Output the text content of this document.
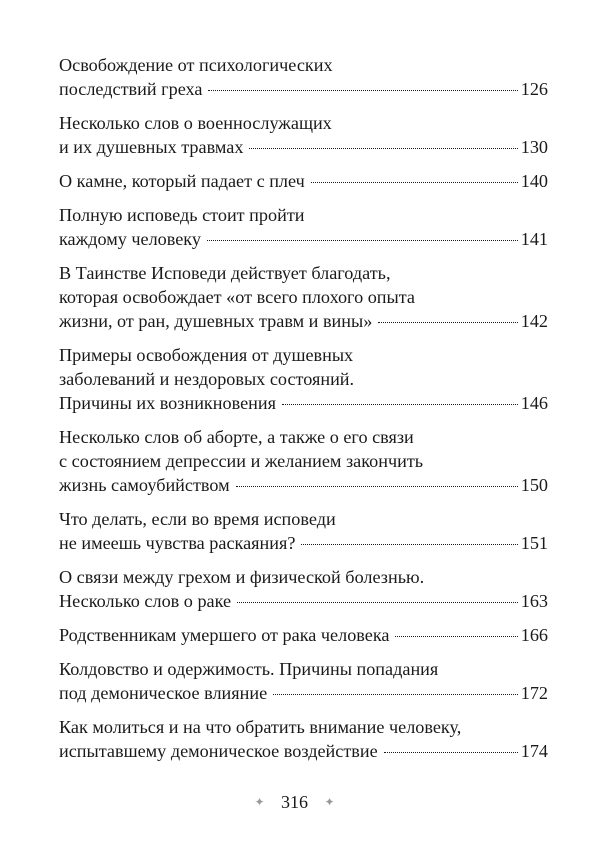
Освобождение от психологических
последствий греха	126
Несколько слов о военнослужащих
и их душевных травмах	130
О камне, который падает с плеч	140
Полную исповедь стоит пройти
каждому человеку	141
В Таинстве Исповеди действует благодать,
которая освобождает «от всего плохого опыта
жизни, от ран, душевных травм и вины»	142
Примеры освобождения от душевных
заболеваний и нездоровых состояний.
Причины их возникновения	146
Несколько слов об аборте, а также о его связи
с состоянием депрессии и желанием закончить
жизнь самоубийством	150
Что делать, если во время исповеди
не имеешь чувства раскаяния?	151
О связи между грехом и физической болезнью.
Несколько слов о раке	163
Родственникам умершего от рака человека	166
Колдовство и одержимость. Причины попадания
под демоническое влияние	172
Как молиться и на что обратить внимание человеку,
испытавшему демоническое воздействие	174
✦ 316 ✦
